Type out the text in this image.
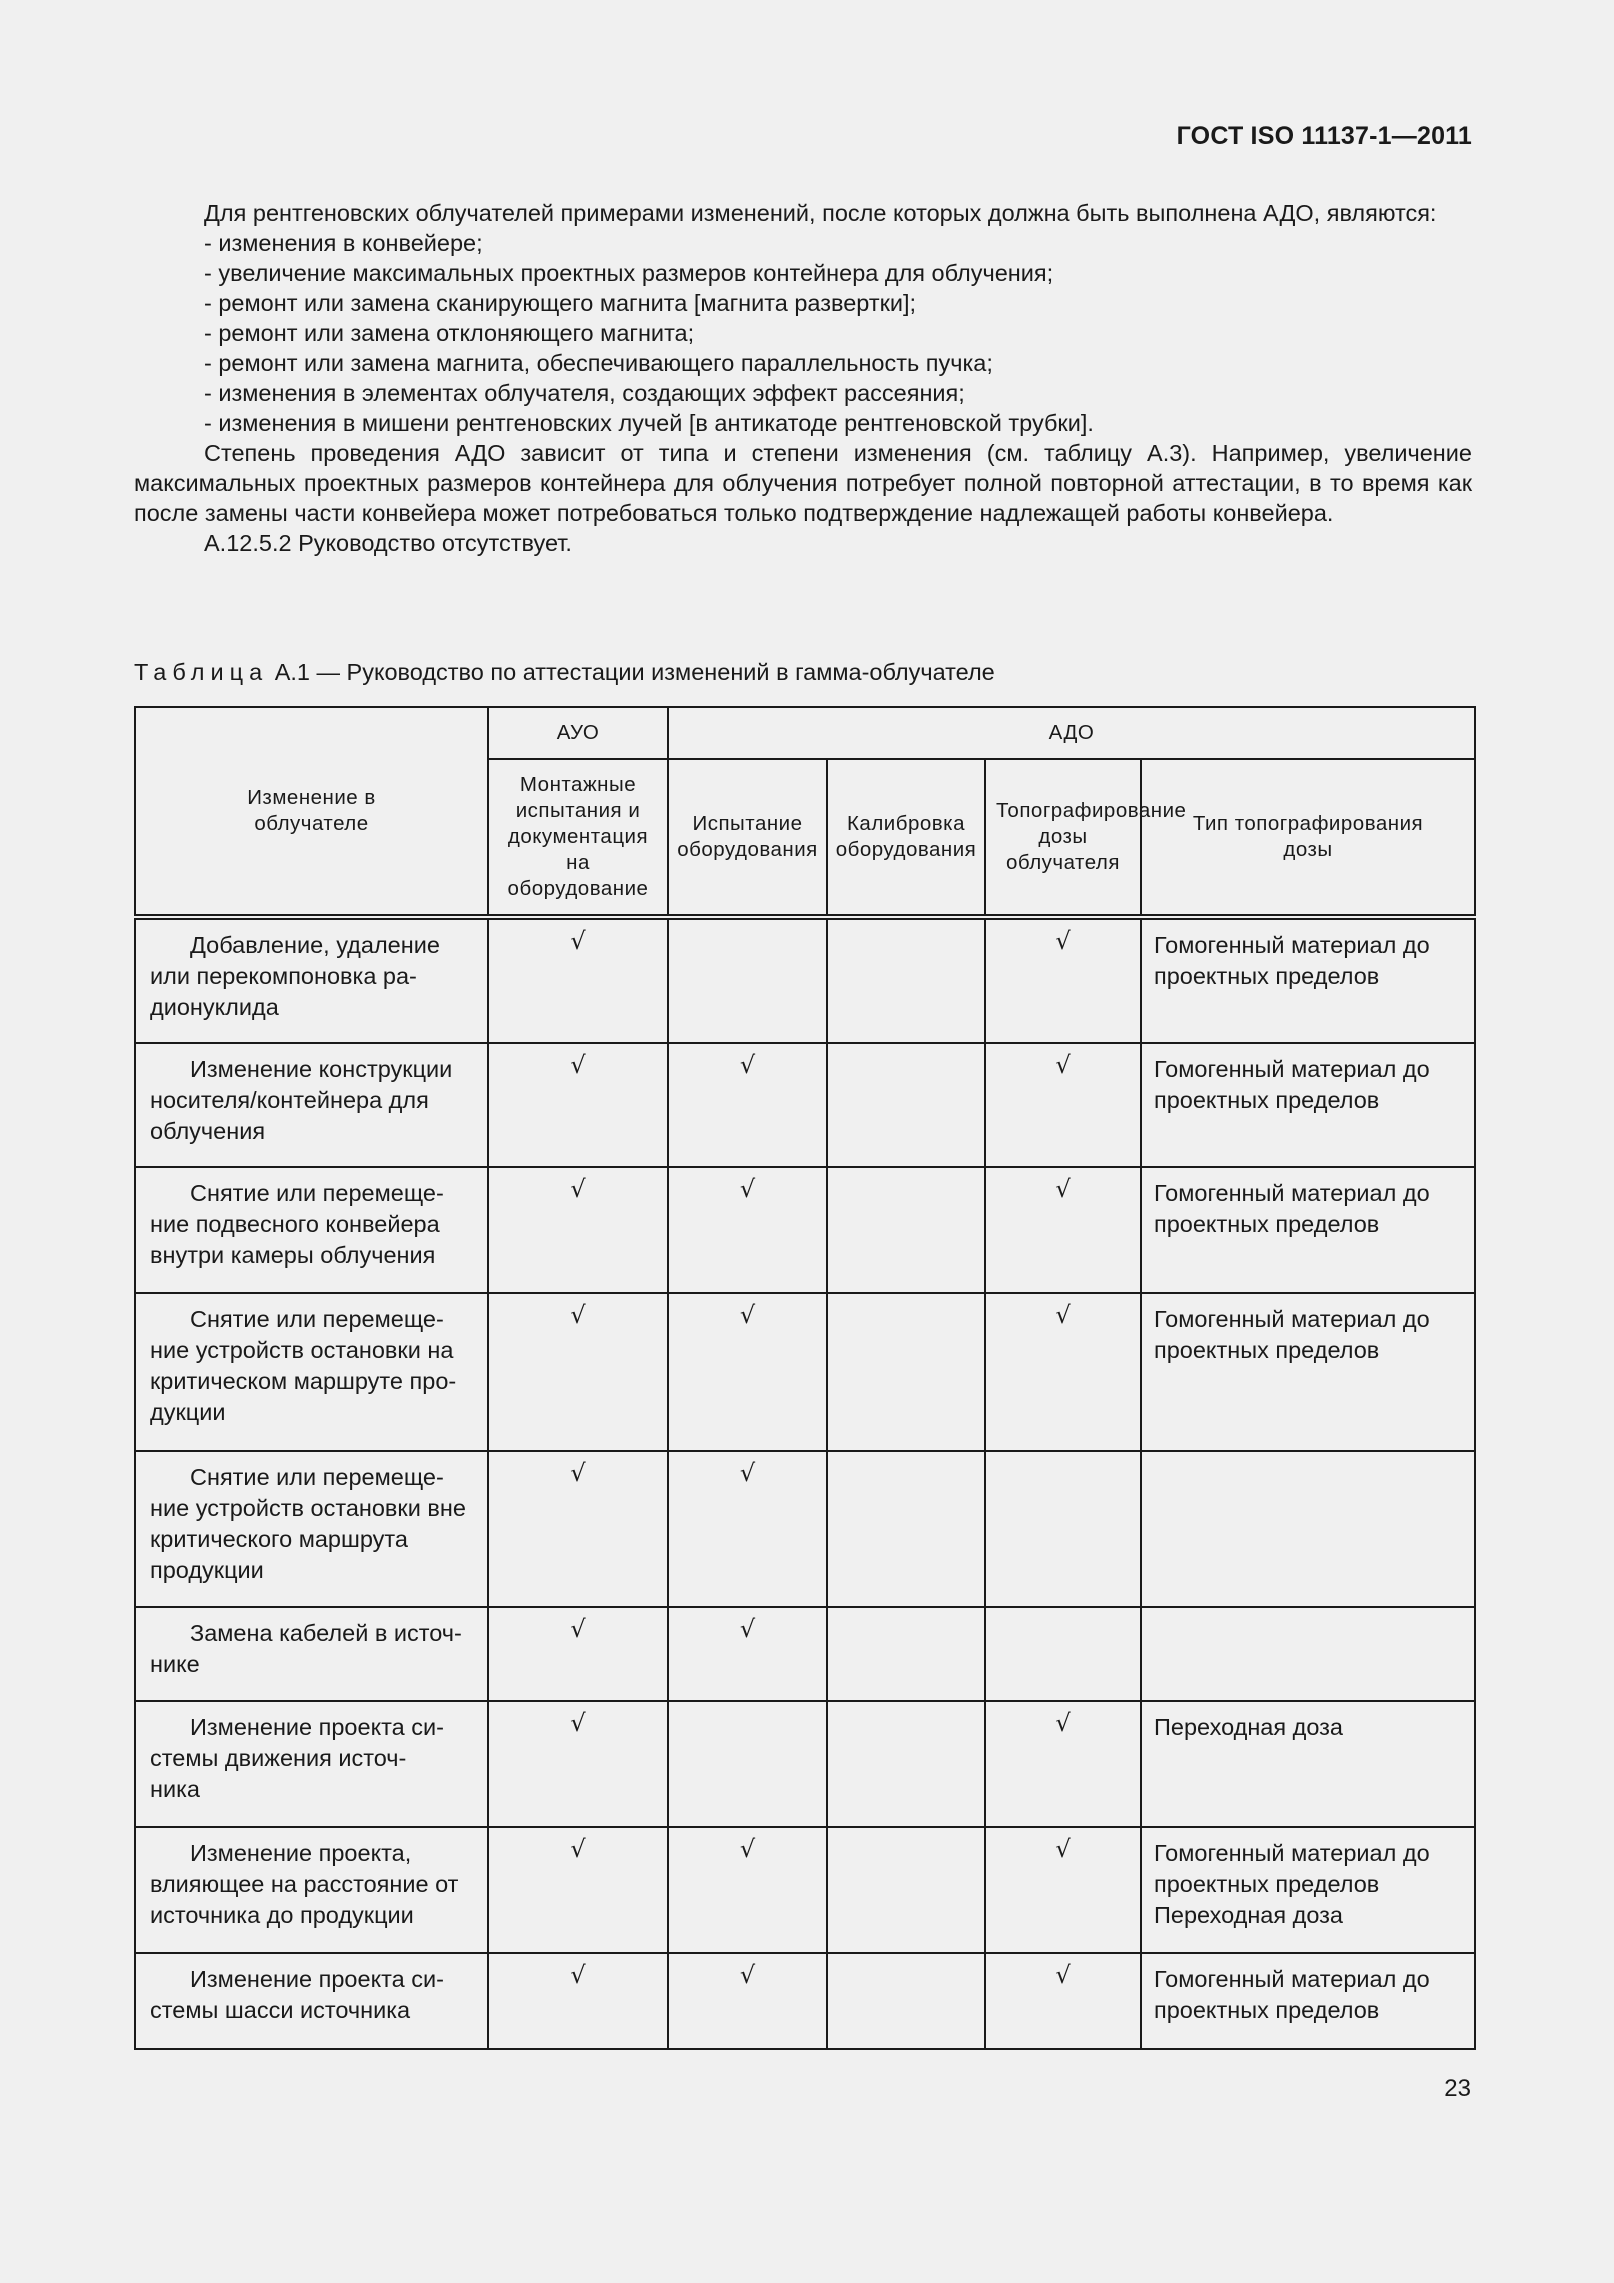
ГОСТ ISO 11137-1—2011

Для рентгеновских облучателей примерами изменений, после которых должна быть выполнена АДО, являются:

- изменения в конвейере;

- увеличение максимальных проектных размеров контейнера для облучения;

- ремонт или замена сканирующего магнита [магнита развертки];

- ремонт или замена отклоняющего магнита;

- ремонт или замена магнита, обеспечивающего параллельность пучка;

- изменения в элементах облучателя, создающих эффект рассеяния;

- изменения в мишени рентгеновских лучей [в антикатоде рентгеновской трубки].

Степень проведения АДО зависит от типа и степени изменения (см. таблицу А.3). Например, увеличение максимальных проектных размеров контейнера для облучения потребует полной повторной аттестации, в то время как после замены части конвейера может потребоваться только подтверждение надлежащей работы конвейера.

А.12.5.2 Руководство отсутствует.

Таблица А.1 — Руководство по аттестации изменений в гамма-облучателе
Изменение в облучателе	АУО	АДО			

	Монтажные испытания и документация на оборудование	Испытание оборудования	Калибровка оборудования	Топографирование дозы облучателя	Тип топографирования дозы

Добавление, удаление
или перекомпоновка ра-
дионуклида	√			√	Гомогенный материал до проектных пределов

Изменение конструкции
носителя/контейнера для
облучения	√	√		√	Гомогенный материал до проектных пределов

Снятие или перемеще-
ние подвесного конвейера
внутри камеры облучения	√	√		√	Гомогенный материал до проектных пределов

Снятие или перемеще-
ние устройств остановки на
критическом маршруте про-
дукции	√	√		√	Гомогенный материал до проектных пределов

Снятие или перемеще-
ние устройств остановки вне
критического маршрута
продукции	√	√			

Замена кабелей в источ-
нике	√	√			

Изменение проекта си-
стемы движения источ-
ника	√			√	Переходная доза

Изменение проекта,
влияющее на расстояние от
источника до продукции	√	√		√	Гомогенный материал до проектных пределов
Переходная доза

Изменение проекта си-
стемы шасси источника	√	√		√	Гомогенный материал до проектных пределов
23
